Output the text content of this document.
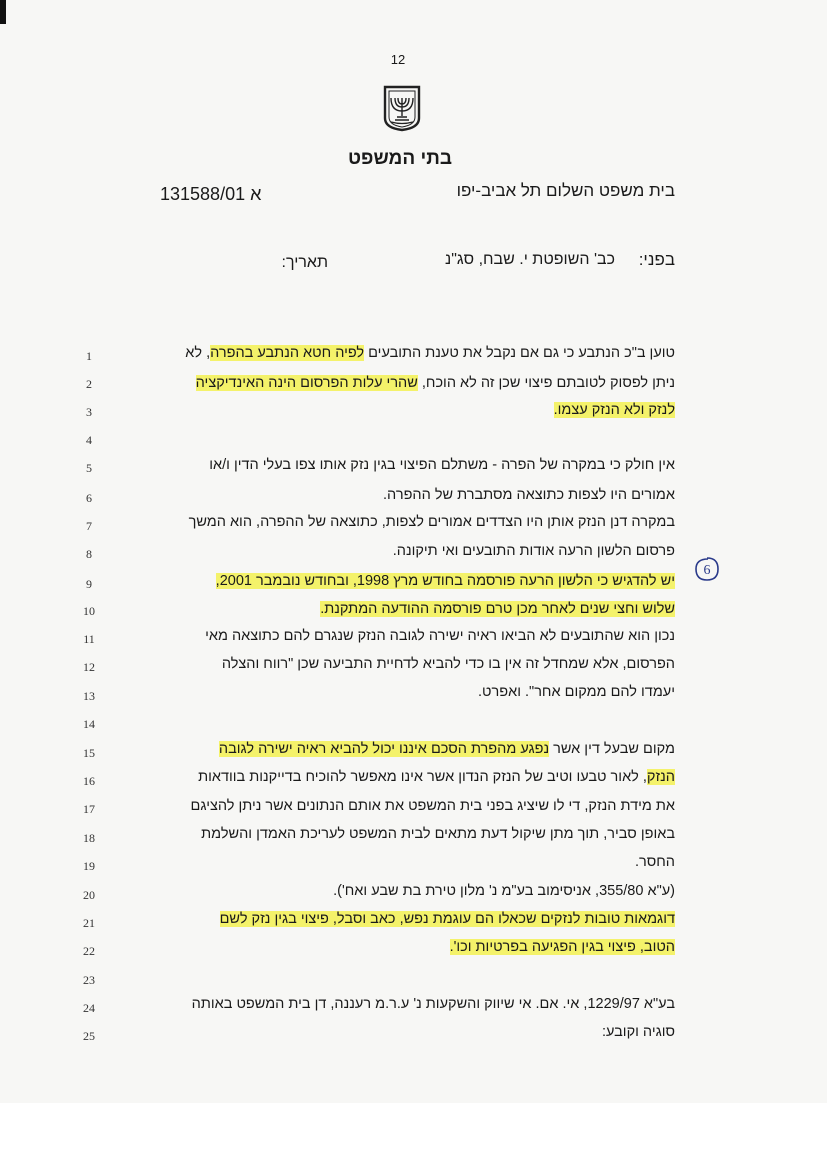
12
בתי המשפט
בית משפט השלום תל אביב-יפו
131588/01 א
בפני:
כב' השופטת י. שבח, סג"נ
תאריך:
1
2
3
4
5
6
7
8
9
10
11
12
13
14
15
16
17
18
19
20
21
22
23
24
25
טוען ב"כ הנתבע כי גם אם נקבל את טענת התובעים לפיה חטא הנתבע בהפרה, לא
ניתן לפסוק לטובתם פיצוי שכן זה לא הוכח, שהרי עלות הפרסום הינה האינדיקציה
לנזק ולא הנזק עצמו.
אין חולק כי במקרה של הפרה - משתלם הפיצוי בגין נזק אותו צפו בעלי הדין ו/או
אמורים היו לצפות כתוצאה מסתברת של ההפרה.
במקרה דנן הנזק אותן היו הצדדים אמורים לצפות, כתוצאה של ההפרה, הוא המשך
פרסום הלשון הרעה אודות התובעים ואי תיקונה.
יש להדגיש כי הלשון הרעה פורסמה בחודש מרץ 1998, ובחודש נובמבר 2001,
שלוש וחצי שנים לאחר מכן טרם פורסמה ההודעה המתקנת.
נכון הוא שהתובעים לא הביאו ראיה ישירה לגובה הנזק שנגרם להם כתוצאה מאי
הפרסום, אלא שמחדל זה אין בו כדי להביא לדחיית התביעה שכן "רווח והצלה
יעמדו להם ממקום אחר". ואפרט.
מקום שבעל דין אשר נפגע מהפרת הסכם איננו יכול להביא ראיה ישירה לגובה
הנזק, לאור טבעו וטיב של הנזק הנדון אשר אינו מאפשר להוכיח בדייקנות בוודאות
את מידת הנזק, די לו שיציג בפני בית המשפט את אותם הנתונים אשר ניתן להציגם
באופן סביר, תוך מתן שיקול דעת מתאים לבית המשפט לעריכת האמדן והשלמת
החסר.
(ע"א 355/80, אניסימוב בע"מ נ' מלון טירת בת שבע ואח').
דוגמאות טובות לנזקים שכאלו הם עוגמת נפש, כאב וסבל, פיצוי בגין נזק לשם
הטוב, פיצוי בגין הפגיעה בפרטיות וכו'.
בע"א 1229/97, אי. אם. אי שיווק והשקעות נ' ע.ר.מ רעננה, דן בית המשפט באותה
סוגיה וקובע:
6
